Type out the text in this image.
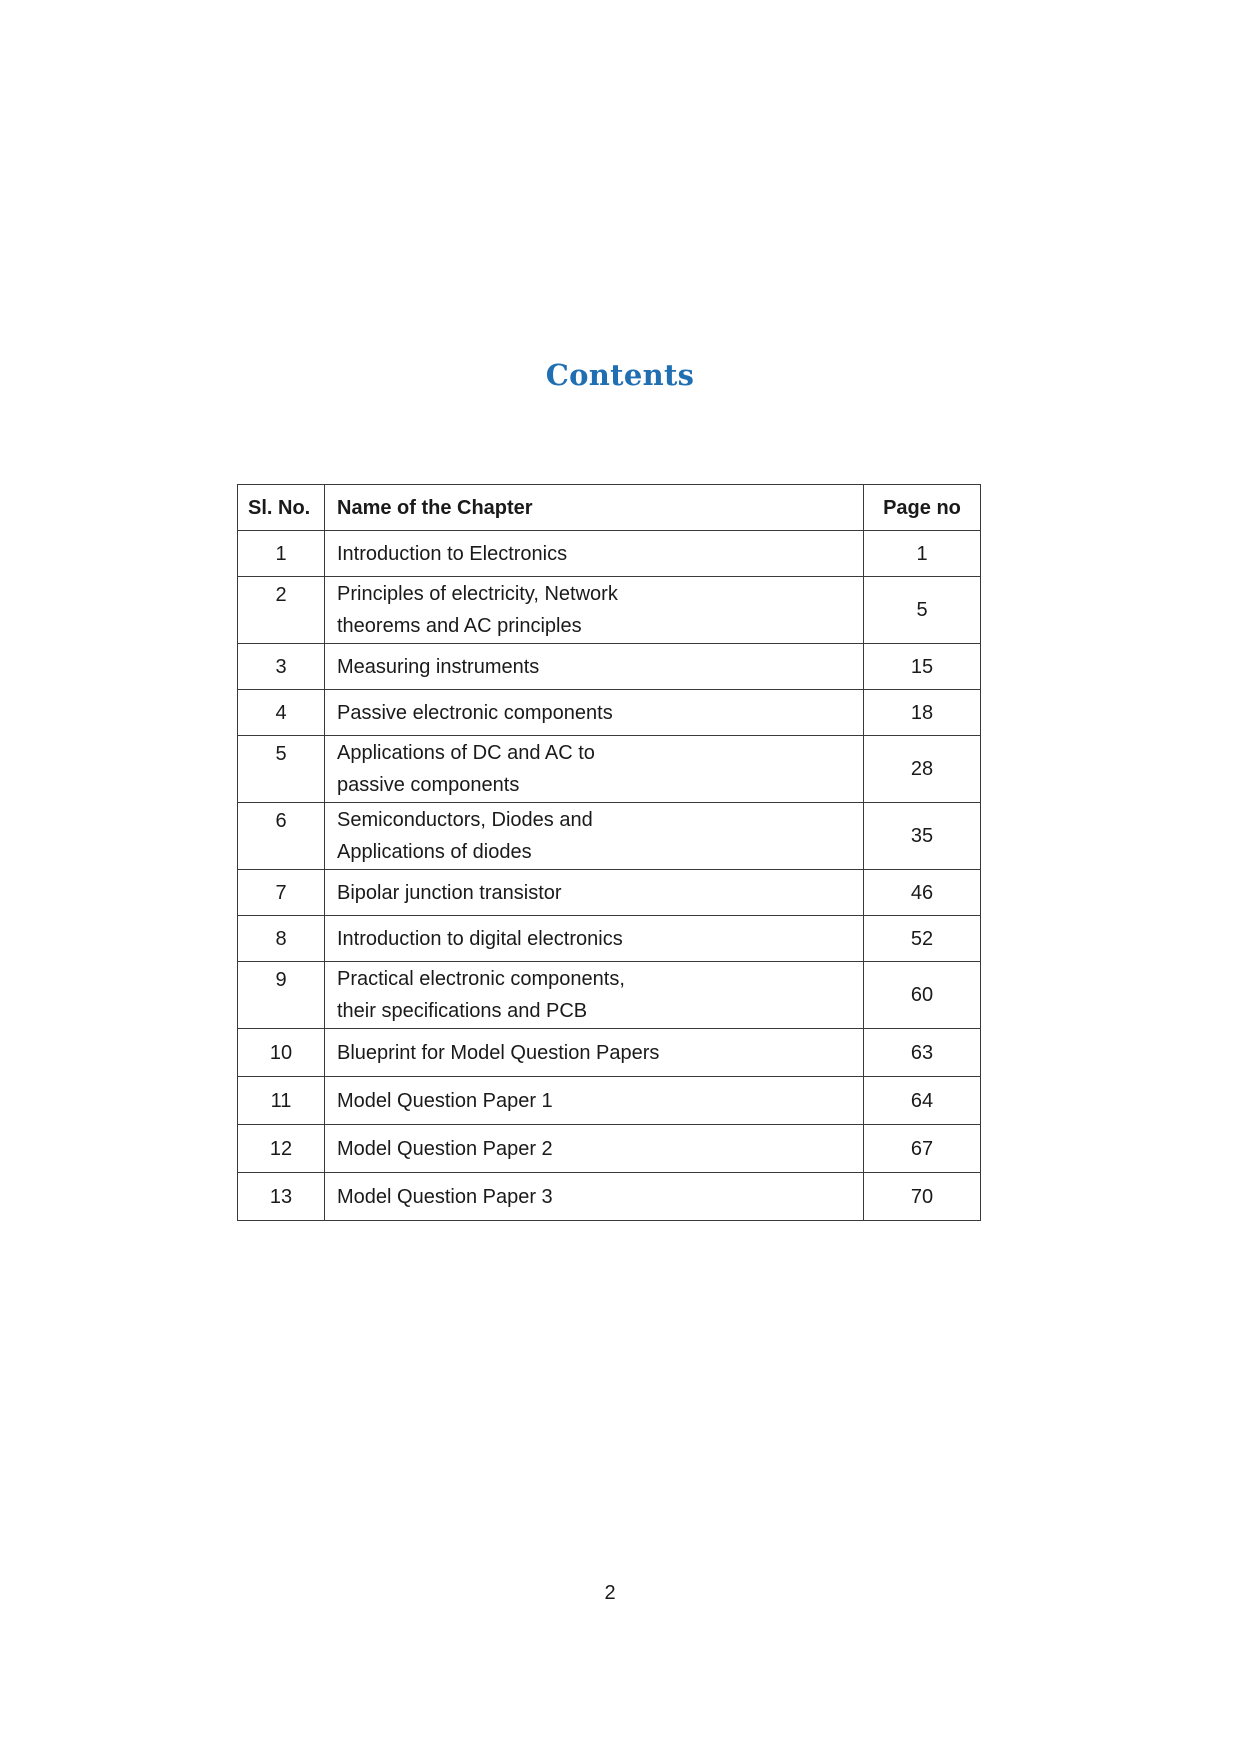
Contents
Sl. No.	Name of the Chapter	Page no
1	Introduction to Electronics	1
2	Principles of electricity, Network
theorems and AC principles	5
3	Measuring instruments	15
4	Passive electronic components	18
5	Applications of DC and AC to
passive components	28
6	Semiconductors, Diodes and
Applications of diodes	35
7	Bipolar junction transistor	46
8	Introduction to digital electronics	52
9	Practical electronic components,
their specifications and PCB	60
10	Blueprint for Model Question Papers	63
11	Model Question Paper 1	64
12	Model Question Paper 2	67
13	Model Question Paper 3	70
2
